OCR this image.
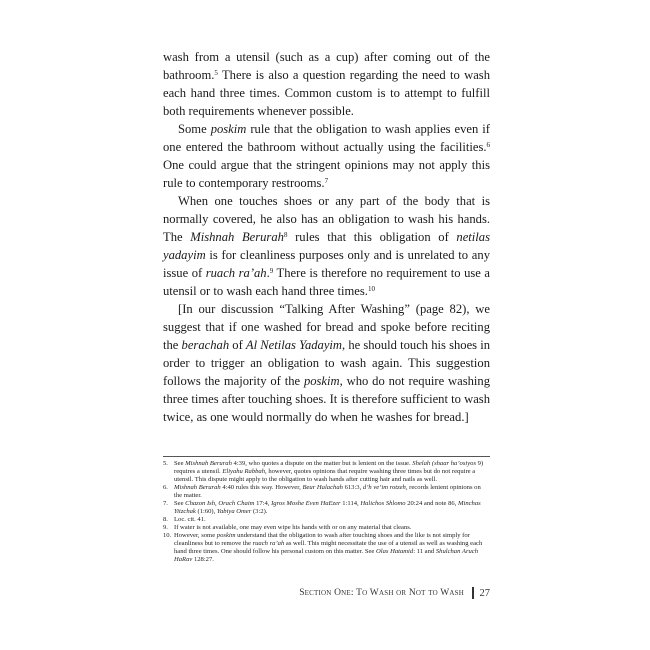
wash from a utensil (such as a cup) after coming out of the bathroom.$^5$ There is also a question regarding the need to wash each hand three times. Common custom is to attempt to fulfill both requirements whenever possible.

Some poskim rule that the obligation to wash applies even if one entered the bathroom without actually using the facilities.$^6$ One could argue that the stringent opinions may not apply this rule to contemporary restrooms.$^7$

When one touches shoes or any part of the body that is normally covered, he also has an obligation to wash his hands. The Mishnah Berurah$^8$ rules that this obligation of netilas yadayim is for cleanliness purposes only and is unrelated to any issue of ruach ra’ah.$^9$ There is therefore no requirement to use a utensil or to wash each hand three times.$^{10}$

[In our discussion “Talking After Washing” (page 82), we suggest that if one washed for bread and spoke before reciting the berachah of Al Netilas Yadayim, he should touch his shoes in order to trigger an obligation to wash again. This suggestion follows the majority of the poskim, who do not require washing three times after touching shoes. It is therefore sufficient to wash twice, as one would normally do when he washes for bread.]

5. See Mishnah Berurah 4:39, who quotes a dispute on the matter but is lenient on the issue. Shelah (shaar ha’osiyos 9) requires a utensil. Eliyahu Rabbah, however, quotes opinions that require washing three times but do not require a utensil. This dispute might apply to the obligation to wash hands after cutting hair and nails as well.
6. Mishnah Berurah 4:40 rules this way. However, Beur Halachah 613:3, d’h ve’im rotzeh, records lenient opinions on the matter.
7. See Chazon Ish, Orach Chaim 17:4, Igros Moshe Even HaEzer 1:114, Halichos Shlomo 20:24 and note 86, Minchas Yitzchak (1:60), Yabiya Omer (3:2).
8. Loc. cit. 41.
9. If water is not available, one may even wipe his hands with or on any material that cleans.
10. However, some poskim understand that the obligation to wash after touching shoes and the like is not simply for cleanliness but to remove the ruach ra’ah as well. This might necessitate the use of a utensil as well as washing each hand three times. One should follow his personal custom on this matter. See Olas Hatamid: 11 and Shulchan Aruch HaRav 128:27.
Section One: To Wash or Not to Wash 27
